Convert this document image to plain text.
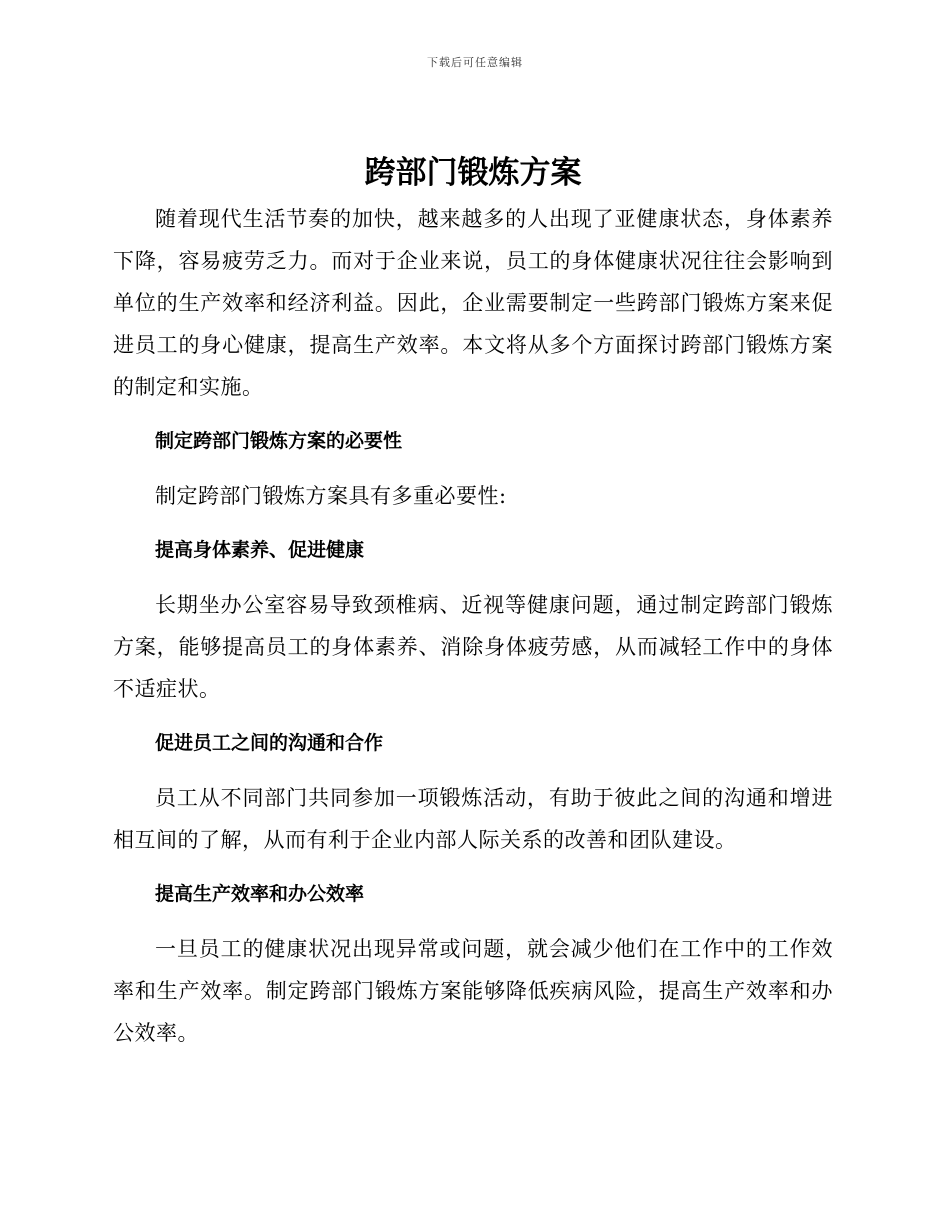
下载后可任意编辑
跨部门锻炼方案

随着现代生活节奏的加快，越来越多的人出现了亚健康状态，身体素养下降，容易疲劳乏力。而对于企业来说，员工的身体健康状况往往会影响到单位的生产效率和经济利益。因此，企业需要制定一些跨部门锻炼方案来促进员工的身心健康，提高生产效率。本文将从多个方面探讨跨部门锻炼方案的制定和实施。

制定跨部门锻炼方案的必要性

制定跨部门锻炼方案具有多重必要性:

提高身体素养、促进健康

长期坐办公室容易导致颈椎病、近视等健康问题，通过制定跨部门锻炼方案，能够提高员工的身体素养、消除身体疲劳感，从而减轻工作中的身体不适症状。

促进员工之间的沟通和合作

员工从不同部门共同参加一项锻炼活动，有助于彼此之间的沟通和增进相互间的了解，从而有利于企业内部人际关系的改善和团队建设。

提高生产效率和办公效率

一旦员工的健康状况出现异常或问题，就会减少他们在工作中的工作效率和生产效率。制定跨部门锻炼方案能够降低疾病风险，提高生产效率和办公效率。
